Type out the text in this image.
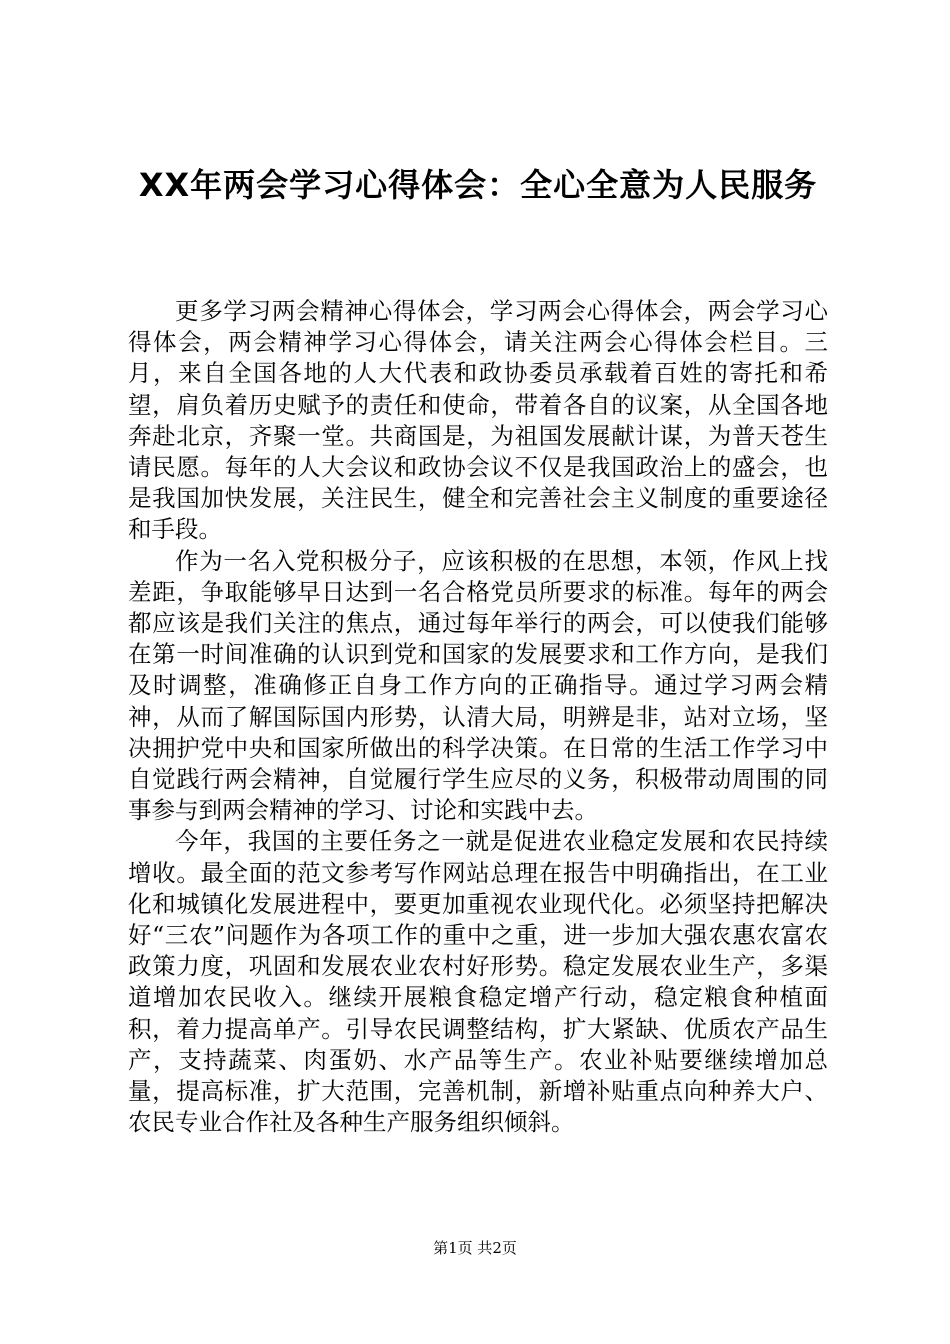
XX年两会学习心得体会：全心全意为人民服务

更多学习两会精神心得体会，学习两会心得体会，两会学习心得体会，两会精神学习心得体会，请关注两会心得体会栏目。三月，来自全国各地的人大代表和政协委员承载着百姓的寄托和希望，肩负着历史赋予的责任和使命，带着各自的议案，从全国各地奔赴北京，齐聚一堂。共商国是，为祖国发展献计谋，为普天苍生请民愿。每年的人大会议和政协会议不仅是我国政治上的盛会，也是我国加快发展，关注民生，健全和完善社会主义制度的重要途径和手段。

作为一名入党积极分子，应该积极的在思想，本领，作风上找差距，争取能够早日达到一名合格党员所要求的标准。每年的两会都应该是我们关注的焦点，通过每年举行的两会，可以使我们能够在第一时间准确的认识到党和国家的发展要求和工作方向，是我们及时调整，准确修正自身工作方向的正确指导。通过学习两会精神，从而了解国际国内形势，认清大局，明辨是非，站对立场，坚决拥护党中央和国家所做出的科学决策。在日常的生活工作学习中自觉践行两会精神，自觉履行学生应尽的义务，积极带动周围的同事参与到两会精神的学习、讨论和实践中去。

今年，我国的主要任务之一就是促进农业稳定发展和农民持续增收。最全面的范文参考写作网站总理在报告中明确指出，在工业化和城镇化发展进程中，要更加重视农业现代化。必须坚持把解决好“三农”问题作为各项工作的重中之重，进一步加大强农惠农富农政策力度，巩固和发展农业农村好形势。稳定发展农业生产，多渠道增加农民收入。继续开展粮食稳定增产行动，稳定粮食种植面积，着力提高单产。引导农民调整结构，扩大紧缺、优质农产品生产，支持蔬菜、肉蛋奶、水产品等生产。农业补贴要继续增加总量，提高标准，扩大范围，完善机制，新增补贴重点向种养大户、农民专业合作社及各种生产服务组织倾斜。

第1页 共2页
